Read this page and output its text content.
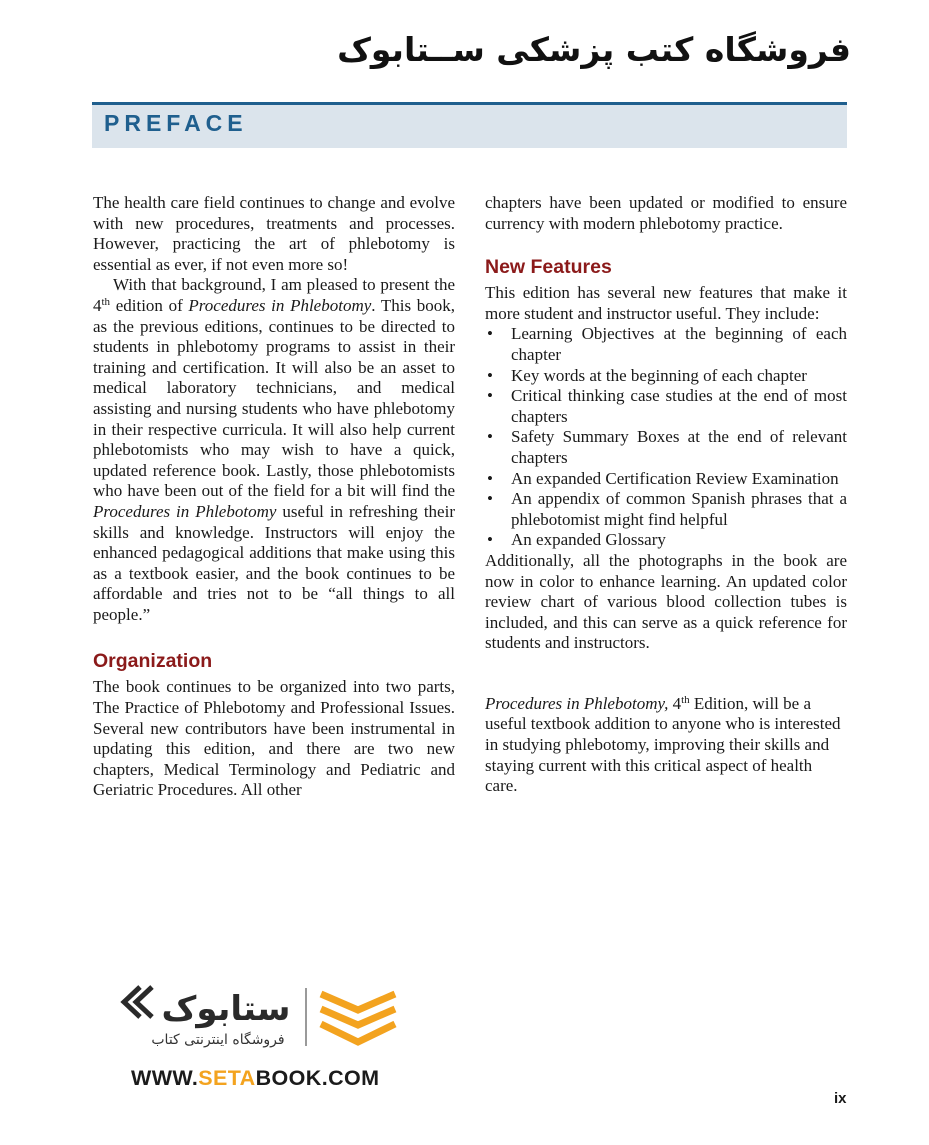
فروشگاه کتب پزشکی ســتابوک
PREFACE

The health care field continues to change and evolve with new procedures, treatments and processes. However, practicing the art of phlebotomy is essential as ever, if not even more so!

With that background, I am pleased to present the 4th edition of Procedures in Phlebotomy. This book, as the previous editions, continues to be directed to students in phlebotomy programs to assist in their training and certification. It will also be an asset to medical laboratory technicians, and medical assisting and nursing students who have phlebotomy in their respective curricula. It will also help current phlebotomists who may wish to have a quick, updated reference book. Lastly, those phlebotomists who have been out of the field for a bit will find the Procedures in Phlebotomy useful in refreshing their skills and knowledge. Instructors will enjoy the enhanced pedagogical additions that make using this as a textbook easier, and the book continues to be affordable and tries not to be “all things to all people.”

Organization

The book continues to be organized into two parts, The Practice of Phlebotomy and Professional Issues. Several new contributors have been instrumental in updating this edition, and there are two new chapters, Medical Terminology and Pediatric and Geriatric Procedures. All other

chapters have been updated or modified to ensure currency with modern phlebotomy practice.

New Features

This edition has several new features that make it more student and instructor useful. They include:

• Learning Objectives at the beginning of each chapter
• Key words at the beginning of each chapter
• Critical thinking case studies at the end of most chapters
• Safety Summary Boxes at the end of relevant chapters
• An expanded Certification Review Examination
• An appendix of common Spanish phrases that a phlebotomist might find helpful
• An expanded Glossary

Additionally, all the photographs in the book are now in color to enhance learning. An updated color review chart of various blood collection tubes is included, and this can serve as a quick reference for students and instructors.

Procedures in Phlebotomy, 4th Edition, will be a useful textbook addition to anyone who is interested in studying phlebotomy, improving their skills and staying current with this critical aspect of health care.

ستابوک
فروشگاه اینترنتی کتاب
WWW.SETABOOK.COM
ix
